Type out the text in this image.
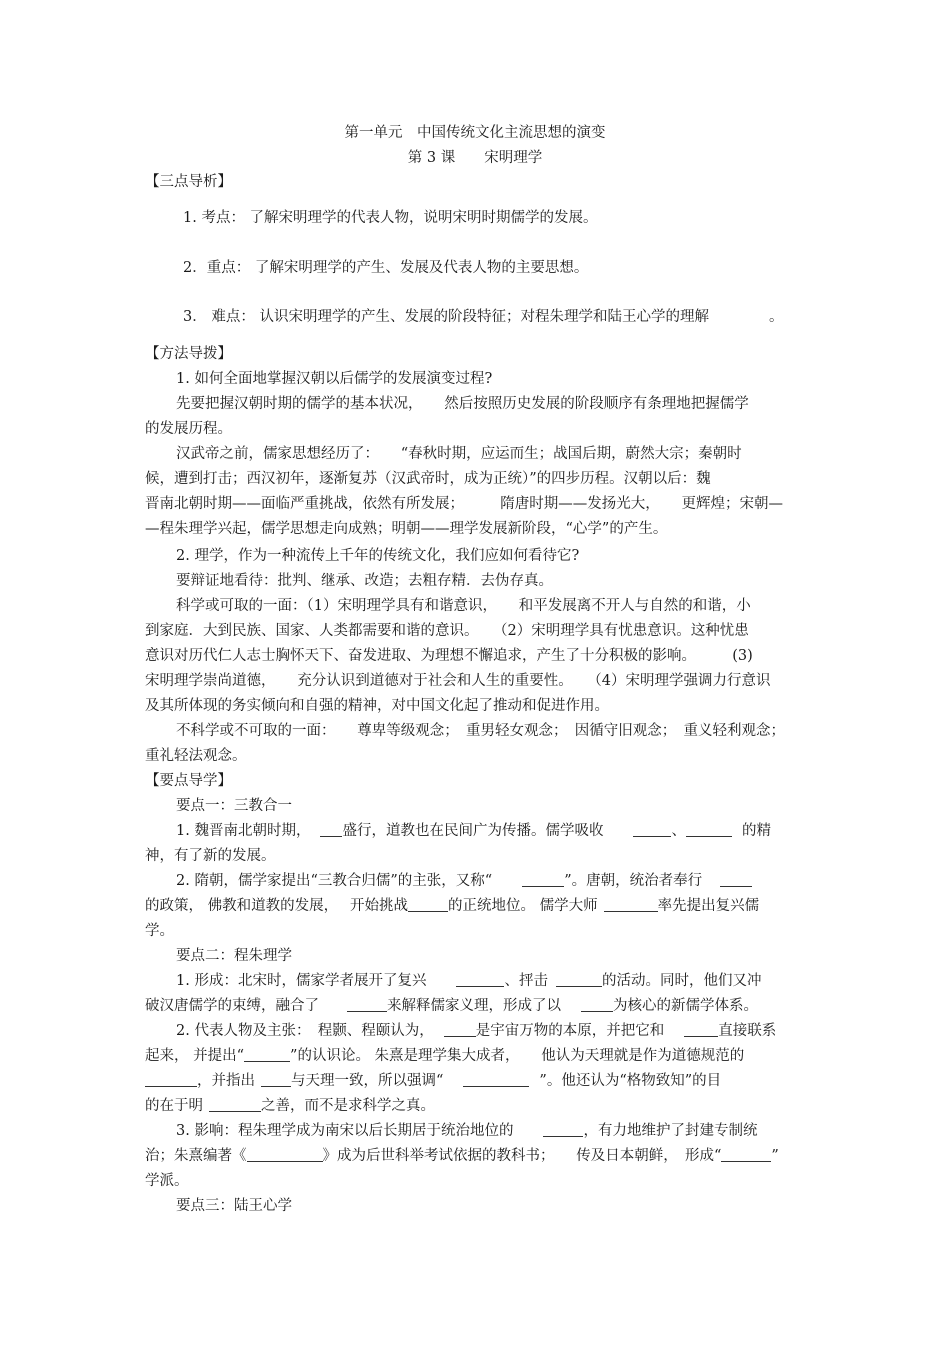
第一单元　中国传统文化主流思想的演变
第 3 课　　宋明理学
【三点导析】
1. 考点： 了解宋明理学的代表人物，说明宋明时期儒学的发展。
2．重点： 了解宋明理学的产生、发展及代表人物的主要思想。
3． 难点： 认识宋明理学的产生、发展的阶段特征；对程朱理学和陆王心学的理解	。
【方法导拨】
1. 如何全面地掌握汉朝以后儒学的发展演变过程?
先要把握汉朝时期的儒学的基本状况，　　然后按照历史发展的阶段顺序有条理地把握儒学
的发展历程。
汉武帝之前，儒家思想经历了：　　“春秋时期，应运而生；战国后期，蔚然大宗；秦朝时
候，遭到打击；西汉初年，逐渐复苏（汉武帝时，成为正统）”的四步历程。汉朝以后：魏
晋南北朝时期——面临严重挑战，依然有所发展；　　　隋唐时期——发扬光大，　　更辉煌；宋朝—
—程朱理学兴起，儒学思想走向成熟；明朝——理学发展新阶段，“心学”的产生。
2. 理学，作为一种流传上千年的传统文化，我们应如何看待它?
要辩证地看待：批判、继承、改造；去粗存精．去伪存真。
科学或可取的一面：（1）宋明理学具有和谐意识，　　和平发展离不开人与自然的和谐，小
到家庭．大到民族、国家、人类都需要和谐的意识。　　（2）宋明理学具有忧患意识。这种忧患
意识对历代仁人志士胸怀天下、奋发进取、为理想不懈追求，产生了十分积极的影响。　　　(3)
宋明理学崇尚道德，　　充分认识到道德对于社会和人生的重要性。　　（4）宋明理学强调力行意识
及其所体现的务实倾向和自强的精神，对中国文化起了推动和促进作用。
不科学或不可取的一面：　　尊卑等级观念；　重男轻女观念；　因循守旧观念；　重义轻利观念；
重礼轻法观念。
【要点导学】
要点一：三教合一
1. 魏晋南北朝时期， 盛行，道教也在民间广为传播。儒学吸收	、	的精
神，有了新的发展。
2. 隋朝，儒学家提出“三教合归儒”的主张，又称“	”。唐朝，统治者奉行
的政策， 佛教和道教的发展，　 开始挑战	的正统地位。 儒学大师	率先提出复兴儒
学。
要点二：程朱理学
1. 形成：北宋时，儒家学者展开了复兴	、抨击	的活动。同时，他们又冲
破汉唐儒学的束缚，融合了	来解释儒家义理，形成了以	为核心的新儒学体系。
2. 代表人物及主张：　程颢、程颐认为，	是宇宙万物的本原，并把它和	直接联系
起来， 并提出“	”的认识论。 朱熹是理学集大成者，　　他认为天理就是作为道德规范的
，并指出 与天理一致，所以强调“	”。他还认为“格物致知”的目
的在于明	之善，而不是求科学之真。
3. 影响：程朱理学成为南宋以后长期居于统治地位的	，有力地维护了封建专制统
治；朱熹编著《	》成为后世科举考试依据的教科书；　　传及日本朝鲜，　形成“	”
学派。
要点三：陆王心学
